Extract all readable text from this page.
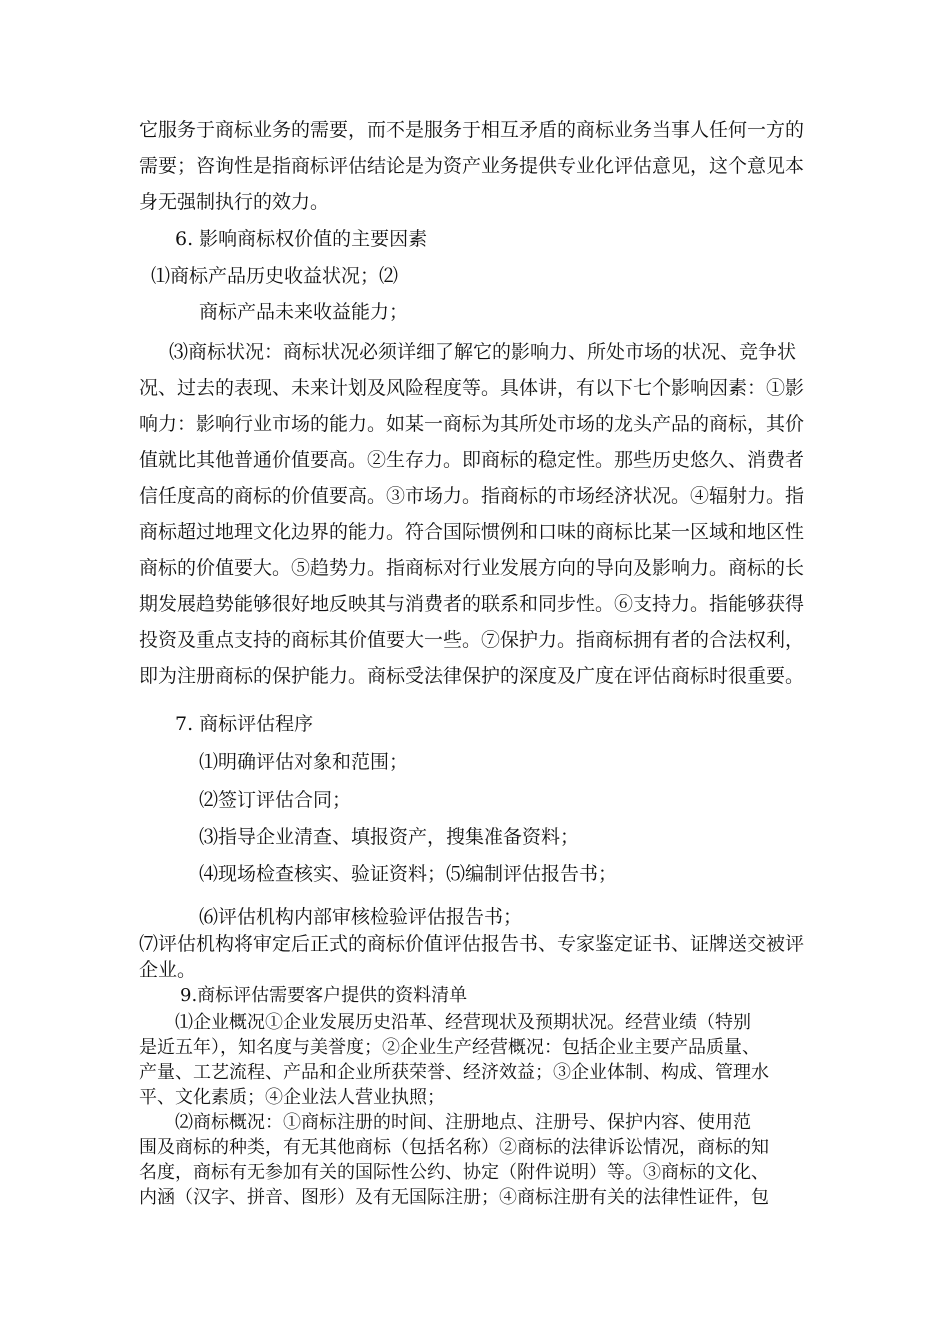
它服务于商标业务的需要，而不是服务于相互矛盾的商标业务当事人任何一方的

需要；咨询性是指商标评估结论是为资产业务提供专业化评估意见，这个意见本

身无强制执行的效力。

6. 影响商标权价值的主要因素

⑴商标产品历史收益状况；⑵

商标产品未来收益能力；

⑶商标状况：商标状况必须详细了解它的影响力、所处市场的状况、竞争状

况、过去的表现、未来计划及风险程度等。具体讲，有以下七个影响因素：①影

响力：影响行业市场的能力。如某一商标为其所处市场的龙头产品的商标，其价

值就比其他普通价值要高。②生存力。即商标的稳定性。那些历史悠久、消费者

信任度高的商标的价值要高。③市场力。指商标的市场经济状况。④辐射力。指

商标超过地理文化边界的能力。符合国际惯例和口味的商标比某一区域和地区性

商标的价值要大。⑤趋势力。指商标对行业发展方向的导向及影响力。商标的长

期发展趋势能够很好地反映其与消费者的联系和同步性。⑥支持力。指能够获得

投资及重点支持的商标其价值要大一些。⑦保护力。指商标拥有者的合法权利，

即为注册商标的保护能力。商标受法律保护的深度及广度在评估商标时很重要。

7. 商标评估程序

⑴明确评估对象和范围；

⑵签订评估合同；

⑶指导企业清查、填报资产，搜集准备资料；

⑷现场检查核实、验证资料；⑸编制评估报告书；

⑹评估机构内部审核检验评估报告书；

⑺评估机构将审定后正式的商标价值评估报告书、专家鉴定证书、证牌送交被评

企业。

9.商标评估需要客户提供的资料清单

⑴企业概况①企业发展历史沿革、经营现状及预期状况。经营业绩（特别

是近五年），知名度与美誉度；②企业生产经营概况：包括企业主要产品质量、

产量、工艺流程、产品和企业所获荣誉、经济效益；③企业体制、构成、管理水

平、文化素质；④企业法人营业执照；

⑵商标概况：①商标注册的时间、注册地点、注册号、保护内容、使用范

围及商标的种类，有无其他商标（包括名称）②商标的法律诉讼情况，商标的知

名度，商标有无参加有关的国际性公约、协定（附件说明）等。③商标的文化、

内涵（汉字、拼音、图形）及有无国际注册；④商标注册有关的法律性证件，包
